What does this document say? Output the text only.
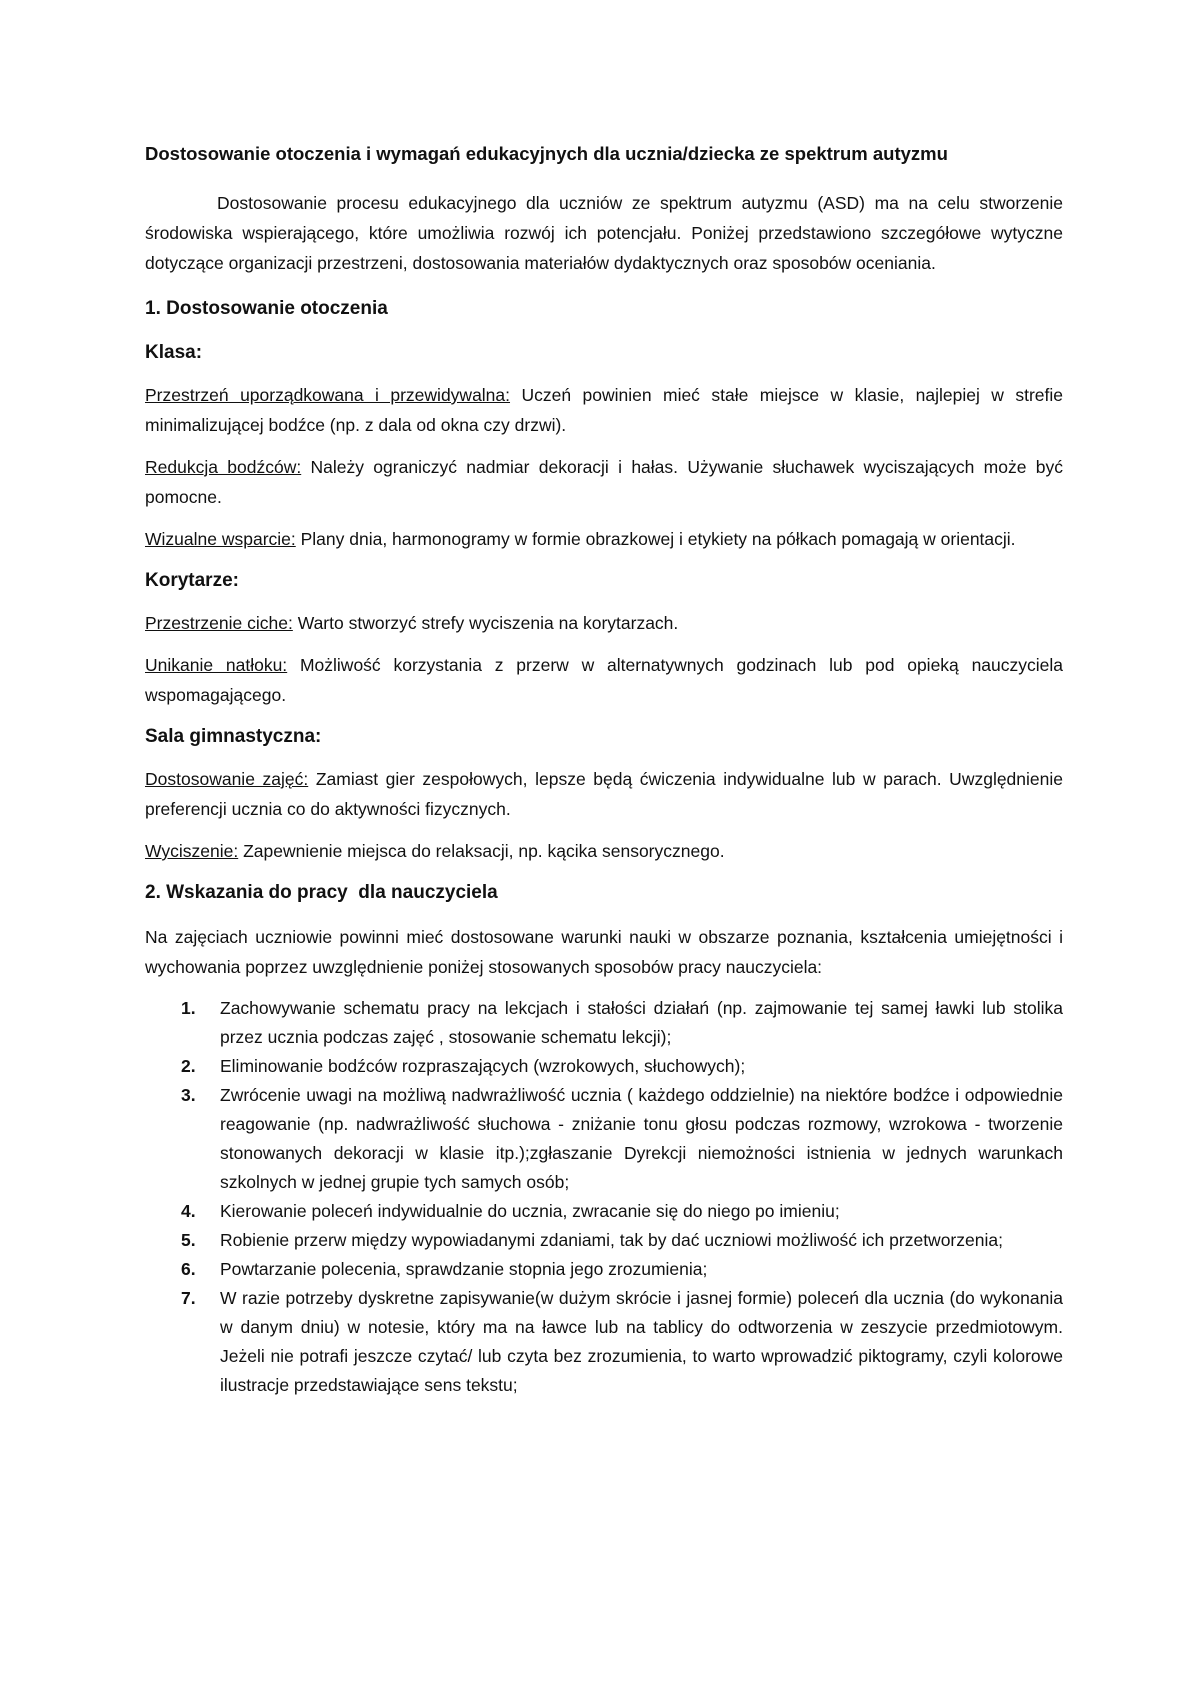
Dostosowanie otoczenia i wymagań edukacyjnych dla ucznia/dziecka ze spektrum autyzmu

Dostosowanie procesu edukacyjnego dla uczniów ze spektrum autyzmu (ASD) ma na celu stworzenie środowiska wspierającego, które umożliwia rozwój ich potencjału. Poniżej przedstawiono szczegółowe wytyczne dotyczące organizacji przestrzeni, dostosowania materiałów dydaktycznych oraz sposobów oceniania.

1. Dostosowanie otoczenia
Klasa:

Przestrzeń uporządkowana i przewidywalna: Uczeń powinien mieć stałe miejsce w klasie, najlepiej w strefie minimalizującej bodźce (np. z dala od okna czy drzwi).

Redukcja bodźców: Należy ograniczyć nadmiar dekoracji i hałas. Używanie słuchawek wyciszających może być pomocne.

Wizualne wsparcie: Plany dnia, harmonogramy w formie obrazkowej i etykiety na półkach pomagają w orientacji.

Korytarze:

Przestrzenie ciche: Warto stworzyć strefy wyciszenia na korytarzach.

Unikanie natłoku: Możliwość korzystania z przerw w alternatywnych godzinach lub pod opieką nauczyciela wspomagającego.

Sala gimnastyczna:

Dostosowanie zajęć: Zamiast gier zespołowych, lepsze będą ćwiczenia indywidualne lub w parach. Uwzględnienie preferencji ucznia co do aktywności fizycznych.

Wyciszenie: Zapewnienie miejsca do relaksacji, np. kącika sensorycznego.

2. Wskazania do pracy  dla nauczyciela

Na zajęciach uczniowie powinni mieć dostosowane warunki nauki w obszarze poznania, kształcenia umiejętności i wychowania poprzez uwzględnienie poniżej stosowanych sposobów pracy nauczyciela:

1. Zachowywanie schematu pracy na lekcjach i stałości działań (np. zajmowanie tej samej ławki lub stolika przez ucznia podczas zajęć , stosowanie schematu lekcji);
2. Eliminowanie bodźców rozpraszających (wzrokowych, słuchowych);
3. Zwrócenie uwagi na możliwą nadwrażliwość ucznia ( każdego oddzielnie) na niektóre bodźce i odpowiednie reagowanie (np. nadwrażliwość słuchowa - zniżanie tonu głosu podczas rozmowy, wzrokowa - tworzenie stonowanych dekoracji w klasie itp.);zgłaszanie Dyrekcji niemożności istnienia w jednych warunkach szkolnych w jednej grupie tych samych osób;
4. Kierowanie poleceń indywidualnie do ucznia, zwracanie się do niego po imieniu;
5. Robienie przerw między wypowiadanymi zdaniami, tak by dać uczniowi możliwość ich przetworzenia;
6. Powtarzanie polecenia, sprawdzanie stopnia jego zrozumienia;
7. W razie potrzeby dyskretne zapisywanie(w dużym skrócie i jasnej formie) poleceń dla ucznia (do wykonania w danym dniu) w notesie, który ma na ławce lub na tablicy do odtworzenia w zeszycie przedmiotowym. Jeżeli nie potrafi jeszcze czytać/ lub czyta bez zrozumienia, to warto wprowadzić piktogramy, czyli kolorowe ilustracje przedstawiające sens tekstu;
